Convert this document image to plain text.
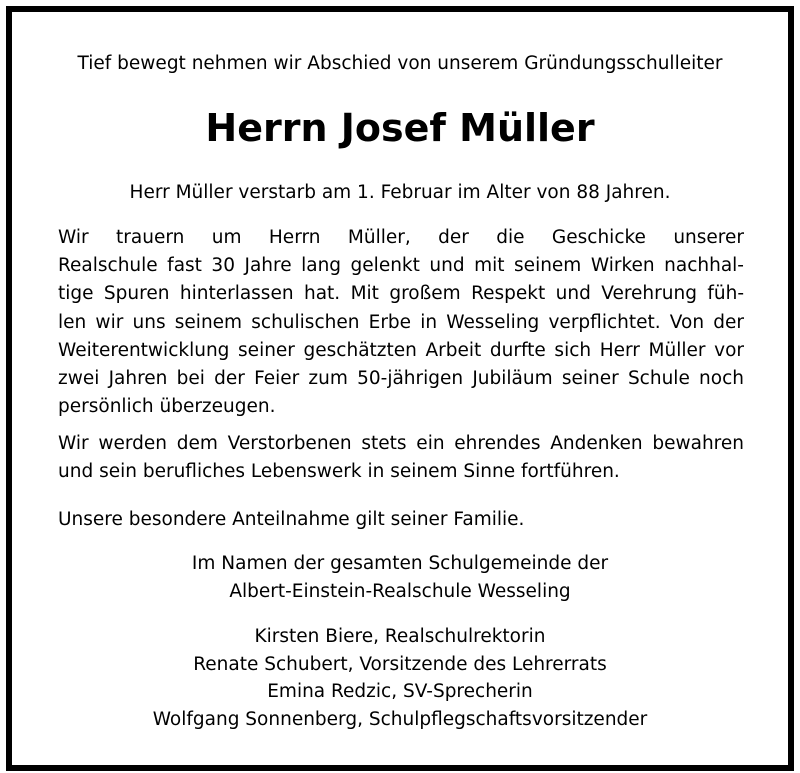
Tief bewegt nehmen wir Abschied von unserem Gründungsschulleiter

Herrn Josef Müller

Herr Müller verstarb am 1. Februar im Alter von 88 Jahren.

Wir trauern um Herrn Müller, der die Geschicke unserer
Realschule fast 30 Jahre lang gelenkt und mit seinem Wirken nachhal-
tige Spuren hinterlassen hat. Mit großem Respekt und Verehrung füh-
len wir uns seinem schulischen Erbe in Wesseling verpflichtet. Von der
Weiterentwicklung seiner geschätzten Arbeit durfte sich Herr Müller vor
zwei Jahren bei der Feier zum 50-jährigen Jubiläum seiner Schule noch
persönlich überzeugen.

Wir werden dem Verstorbenen stets ein ehrendes Andenken bewahren
und sein berufliches Lebenswerk in seinem Sinne fortführen.

Unsere besondere Anteilnahme gilt seiner Familie.

Im Namen der gesamten Schulgemeinde der

Albert-Einstein-Realschule Wesseling

Kirsten Biere, Realschulrektorin

Renate Schubert, Vorsitzende des Lehrerrats

Emina Redzic, SV-Sprecherin

Wolfgang Sonnenberg, Schulpflegschaftsvorsitzender
